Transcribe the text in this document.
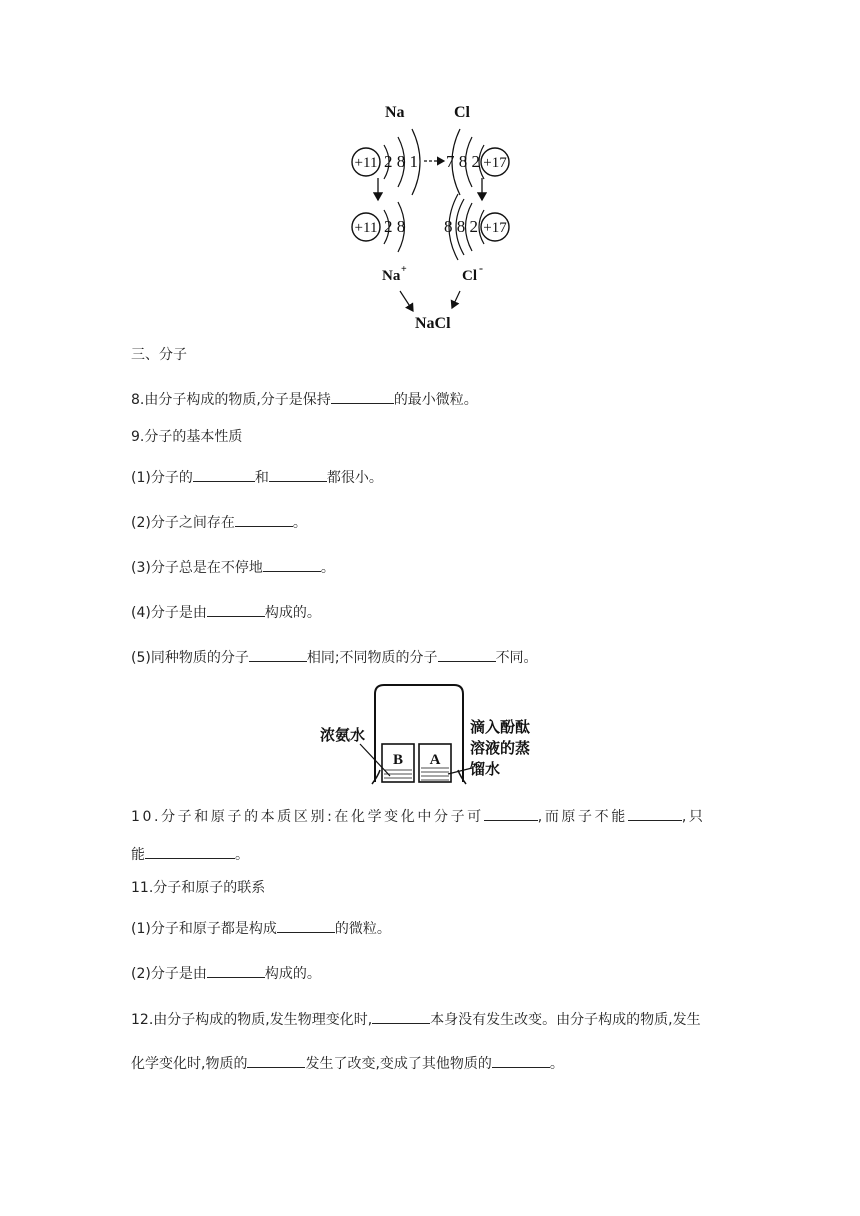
Na	Cl
+11 2 8 1 7 8 2 +17
+11 2 8 8 8 2 +17
Na +	Cl -
NaCl
三、分子
8.由分子构成的物质,分子是保持	的最小微粒。
9.分子的基本性质
(1)分子的	和	都很小。
(2)分子之间存在	。
(3)分子总是在不停地	。
(4)分子是由	构成的。
(5)同种物质的分子	相同;不同物质的分子	不同。
B A
浓氨水	滴入酚酞
溶液的蒸
馏水
10.分子和原子的本质区别:在化学变化中分子可	,而原子不能	,只
能	。
11.分子和原子的联系
(1)分子和原子都是构成	的微粒。
(2)分子是由	构成的。
12.由分子构成的物质,发生物理变化时,	本身没有发生改变。由分子构成的物质,发生
化学变化时,物质的	发生了改变,变成了其他物质的	。
